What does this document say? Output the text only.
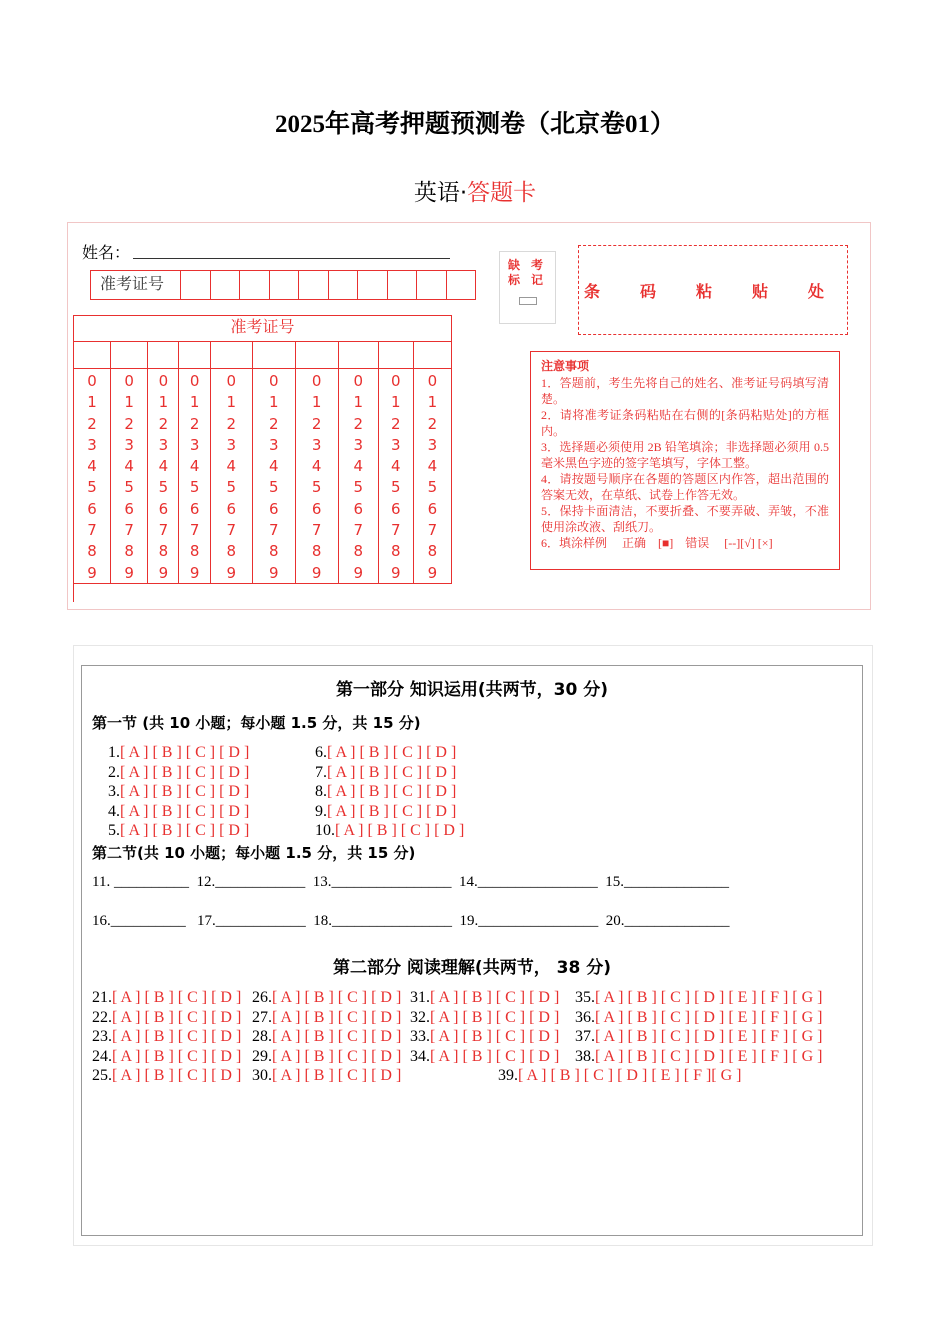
2025年高考押题预测卷（北京卷01）
英语·答题卡
姓名：
准考证号
准考证号
0
1
2
3
4
5
6
7
8
9
0
1
2
3
4
5
6
7
8
9
0
1
2
3
4
5
6
7
8
9
0
1
2
3
4
5
6
7
8
9
0
1
2
3
4
5
6
7
8
9
0
1
2
3
4
5
6
7
8
9
0
1
2
3
4
5
6
7
8
9
0
1
2
3
4
5
6
7
8
9
0
1
2
3
4
5
6
7
8
9
0
1
2
3
4
5
6
7
8
9
缺 考
标 记
条 码 粘 贴 处
注意事项
1．答题前，考生先将自己的姓名、准考证号码填写清楚。
2．请将准考证条码粘贴在右侧的[条码粘贴处]的方框内。
3．选择题必须使用 2B 铅笔填涂；非选择题必须用 0.5 毫米黑色字迹的签字笔填写，字体工整。
4．请按题号顺序在各题的答题区内作答，超出范围的答案无效，在草纸、试卷上作答无效。
5．保持卡面清洁，不要折叠、不要弄破、弄皱，不准使用涂改液、刮纸刀。
6．填涂样例　 正确　[■]　错误　 [--][√] [×]
第一部分 知识运用(共两节，30 分)
第一节 (共 10 小题；每小题 1.5 分，共 15 分)
1.[ A ] [ B ] [ C ] [ D ]
2.[ A ] [ B ] [ C ] [ D ]
3.[ A ] [ B ] [ C ] [ D ]
4.[ A ] [ B ] [ C ] [ D ]
5.[ A ] [ B ] [ C ] [ D ]
6.[ A ] [ B ] [ C ] [ D ]
7.[ A ] [ B ] [ C ] [ D ]
8.[ A ] [ B ] [ C ] [ D ]
9.[ A ] [ B ] [ C ] [ D ]
10.[ A ] [ B ] [ C ] [ D ]
第二节(共 10 小题；每小题 1.5 分，共 15 分)
11. __________  12.____________  13.________________  14.________________  15.______________
16.__________   17.____________  18.________________  19.________________  20.______________
第二部分 阅读理解(共两节， 38 分)
21.[ A ] [ B ] [ C ] [ D ] 26.[ A ] [ B ] [ C ] [ D ] 31.[ A ] [ B ] [ C ] [ D ] 35.[ A ] [ B ] [ C ] [ D ] [ E ] [ F ] [ G ]
22.[ A ] [ B ] [ C ] [ D ] 27.[ A ] [ B ] [ C ] [ D ] 32.[ A ] [ B ] [ C ] [ D ] 36.[ A ] [ B ] [ C ] [ D ] [ E ] [ F ] [ G ]
23.[ A ] [ B ] [ C ] [ D ] 28.[ A ] [ B ] [ C ] [ D ] 33.[ A ] [ B ] [ C ] [ D ] 37.[ A ] [ B ] [ C ] [ D ] [ E ] [ F ] [ G ]
24.[ A ] [ B ] [ C ] [ D ] 29.[ A ] [ B ] [ C ] [ D ] 34.[ A ] [ B ] [ C ] [ D ] 38.[ A ] [ B ] [ C ] [ D ] [ E ] [ F ] [ G ]
25.[ A ] [ B ] [ C ] [ D ] 30.[ A ] [ B ] [ C ] [ D ]	39.[ A ] [ B ] [ C ] [ D ] [ E ] [ F ][ G ]
